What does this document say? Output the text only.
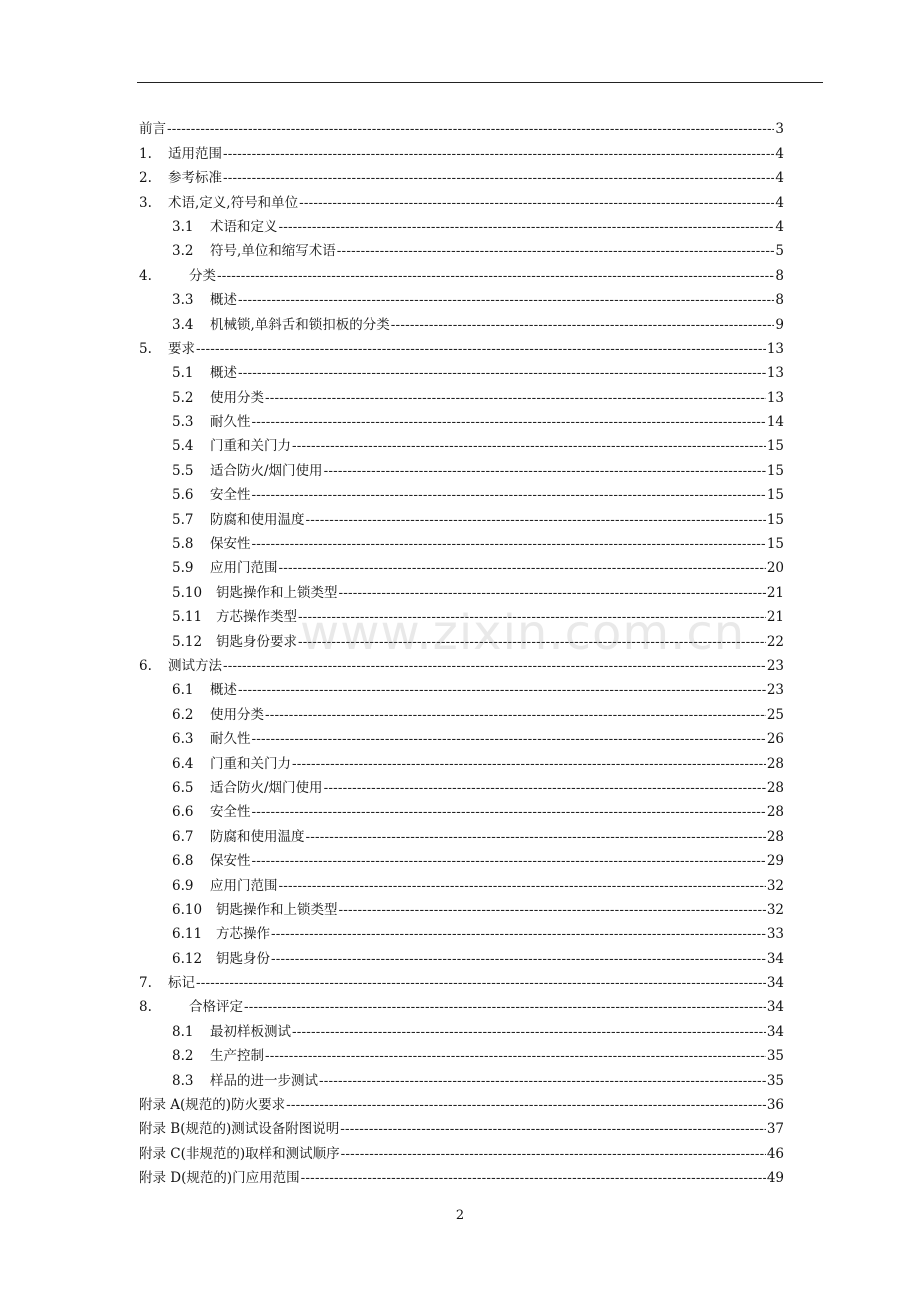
前言 -----	3
1.	适用范围 -----	4
2.	参考标准 -----	4
3.	术语,定义,符号和单位 -----	4
3.1	术语和定义 -----	4
3.2	符号,单位和缩写术语 -----	5
4.	分类 -----	8
3.3	概述 -----	8
3.4	机械锁,单斜舌和锁扣板的分类 -----	9
5.	要求 -----	13
5.1	概述 -----	13
5.2	使用分类 -----	13
5.3	耐久性 -----	14
5.4	门重和关门力 -----	15
5.5	适合防火/烟门使用 -----	15
5.6	安全性 -----	15
5.7	防腐和使用温度 -----	15
5.8	保安性 -----	15
5.9	应用门范围 -----	20
5.10	钥匙操作和上锁类型 -----	21
5.11	方芯操作类型 -----	21
5.12	钥匙身份要求 -----	22
6.	测试方法 -----	23
6.1	概述 -----	23
6.2	使用分类 -----	25
6.3	耐久性 -----	26
6.4	门重和关门力 -----	28
6.5	适合防火/烟门使用 -----	28
6.6	安全性 -----	28
6.7	防腐和使用温度 -----	28
6.8	保安性 -----	29
6.9	应用门范围 -----	32
6.10	钥匙操作和上锁类型 -----	32
6.11	方芯操作 -----	33
6.12	钥匙身份 -----	34
7.	标记 -----	34
8.	合格评定 -----	34
8.1	最初样板测试 -----	34
8.2	生产控制 -----	35
8.3	样品的进一步测试 -----	35
附录 A(规范的)防火要求 -----	36
附录 B(规范的)测试设备附图说明 -----	37
附录 C(非规范的)取样和测试顺序 -----	46
附录 D(规范的)门应用范围 -----	49
www.zixin.com.cn
2
